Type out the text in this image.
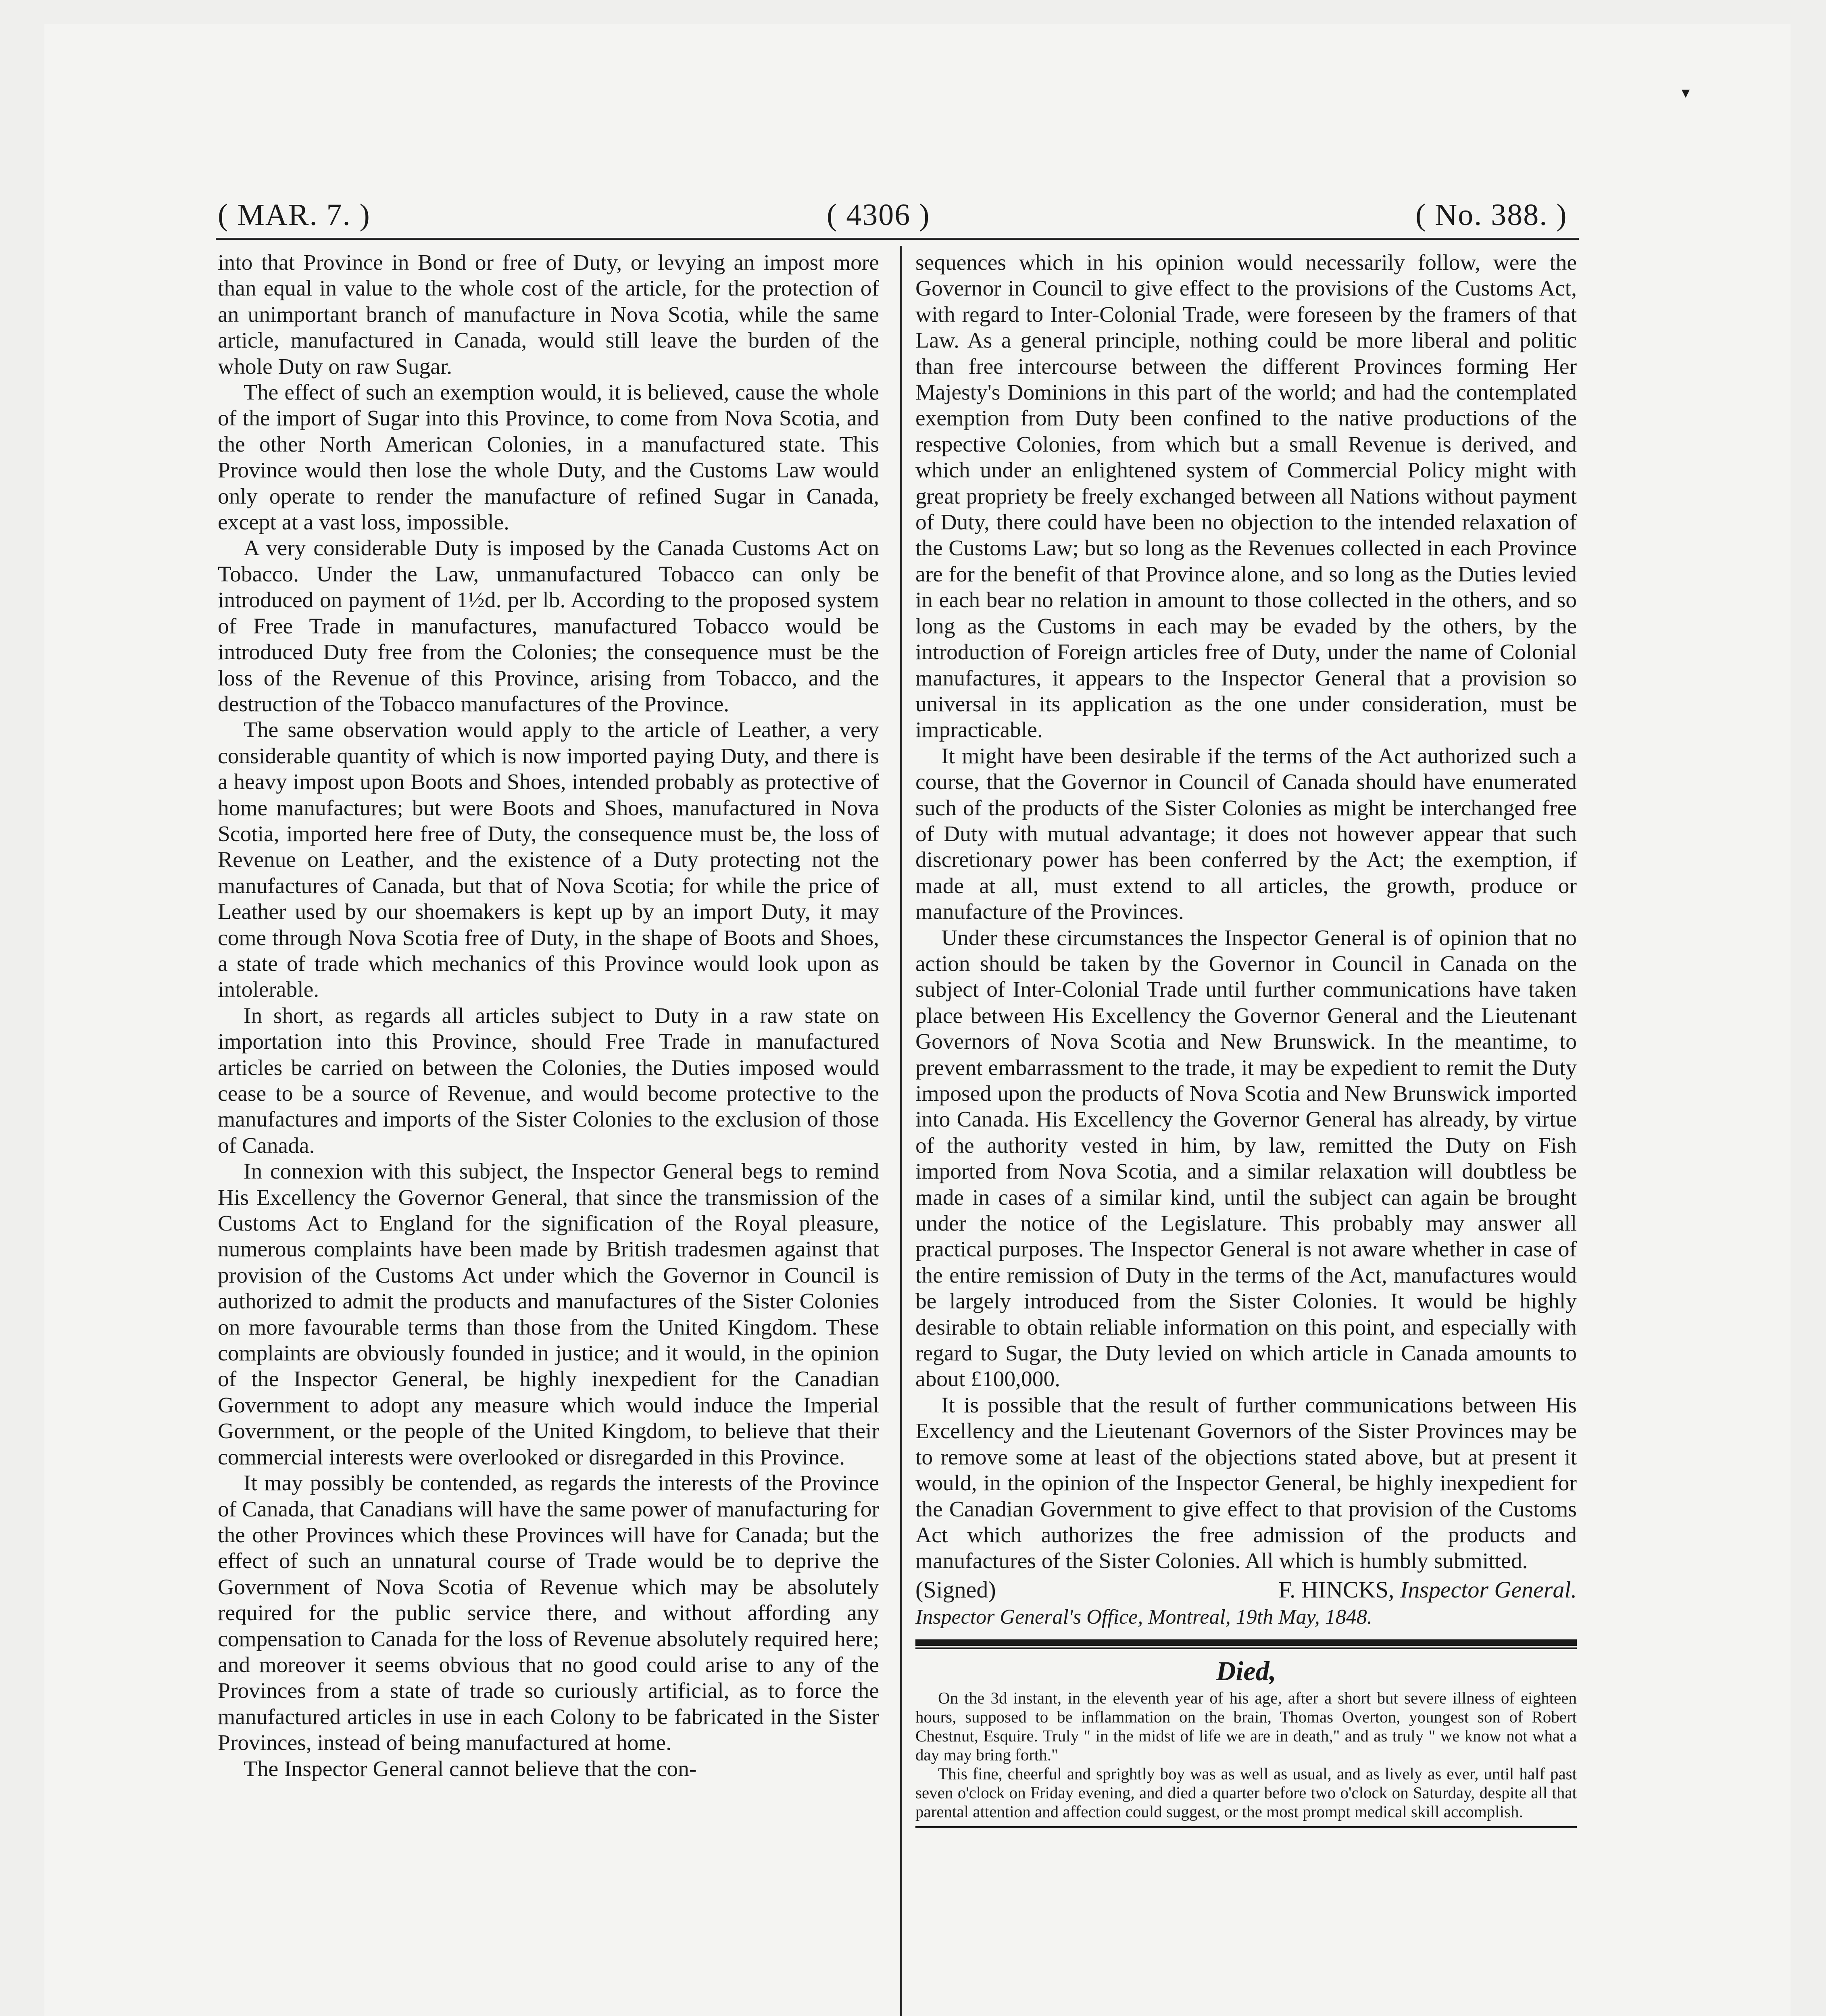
▾
( MAR. 7. )	( 4306 )	( No. 388. )

into that Province in Bond or free of Duty, or levying an impost more than equal in value to the whole cost of the article, for the protection of an unimportant branch of manufacture in Nova Scotia, while the same article, manufactured in Canada, would still leave the burden of the whole Duty on raw Sugar.

The effect of such an exemption would, it is believed, cause the whole of the import of Sugar into this Province, to come from Nova Scotia, and the other North American Colonies, in a manufactured state. This Province would then lose the whole Duty, and the Customs Law would only operate to render the manufacture of refined Sugar in Canada, except at a vast loss, impossible.

A very considerable Duty is imposed by the Canada Customs Act on Tobacco. Under the Law, unmanufactured Tobacco can only be introduced on payment of 1½d. per lb. According to the proposed system of Free Trade in manufactures, manufactured Tobacco would be introduced Duty free from the Colonies; the consequence must be the loss of the Revenue of this Province, arising from Tobacco, and the destruction of the Tobacco manufactures of the Province.

The same observation would apply to the article of Leather, a very considerable quantity of which is now imported paying Duty, and there is a heavy impost upon Boots and Shoes, intended probably as protective of home manufactures; but were Boots and Shoes, manufactured in Nova Scotia, imported here free of Duty, the consequence must be, the loss of Revenue on Leather, and the existence of a Duty protecting not the manufactures of Canada, but that of Nova Scotia; for while the price of Leather used by our shoemakers is kept up by an import Duty, it may come through Nova Scotia free of Duty, in the shape of Boots and Shoes, a state of trade which mechanics of this Province would look upon as intolerable.

In short, as regards all articles subject to Duty in a raw state on importation into this Province, should Free Trade in manufactured articles be carried on between the Colonies, the Duties imposed would cease to be a source of Revenue, and would become protective to the manufactures and imports of the Sister Colonies to the exclusion of those of Canada.

In connexion with this subject, the Inspector General begs to remind His Excellency the Governor General, that since the transmission of the Customs Act to England for the signification of the Royal pleasure, numerous complaints have been made by British tradesmen against that provision of the Customs Act under which the Governor in Council is authorized to admit the products and manufactures of the Sister Colonies on more favourable terms than those from the United Kingdom. These complaints are obviously founded in justice; and it would, in the opinion of the Inspector General, be highly inexpedient for the Canadian Government to adopt any measure which would induce the Imperial Government, or the people of the United Kingdom, to believe that their commercial interests were overlooked or disregarded in this Province.

It may possibly be contended, as regards the interests of the Province of Canada, that Canadians will have the same power of manufacturing for the other Provinces which these Provinces will have for Canada; but the effect of such an unnatural course of Trade would be to deprive the Government of Nova Scotia of Revenue which may be absolutely required for the public service there, and without affording any compensation to Canada for the loss of Revenue absolutely required here; and moreover it seems obvious that no good could arise to any of the Provinces from a state of trade so curiously artificial, as to force the manufactured articles in use in each Colony to be fabricated in the Sister Provinces, instead of being manufactured at home.

The Inspector General cannot believe that the con-

sequences which in his opinion would necessarily follow, were the Governor in Council to give effect to the provisions of the Customs Act, with regard to Inter-Colonial Trade, were foreseen by the framers of that Law. As a general principle, nothing could be more liberal and politic than free intercourse between the different Provinces forming Her Majesty's Dominions in this part of the world; and had the contemplated exemption from Duty been confined to the native productions of the respective Colonies, from which but a small Revenue is derived, and which under an enlightened system of Commercial Policy might with great propriety be freely exchanged between all Nations without payment of Duty, there could have been no objection to the intended relaxation of the Customs Law; but so long as the Revenues collected in each Province are for the benefit of that Province alone, and so long as the Duties levied in each bear no relation in amount to those collected in the others, and so long as the Customs in each may be evaded by the others, by the introduction of Foreign articles free of Duty, under the name of Colonial manufactures, it appears to the Inspector General that a provision so universal in its application as the one under consideration, must be impracticable.

It might have been desirable if the terms of the Act authorized such a course, that the Governor in Council of Canada should have enumerated such of the products of the Sister Colonies as might be interchanged free of Duty with mutual advantage; it does not however appear that such discretionary power has been conferred by the Act; the exemption, if made at all, must extend to all articles, the growth, produce or manufacture of the Provinces.

Under these circumstances the Inspector General is of opinion that no action should be taken by the Governor in Council in Canada on the subject of Inter-Colonial Trade until further communications have taken place between His Excellency the Governor General and the Lieutenant Governors of Nova Scotia and New Brunswick. In the meantime, to prevent embarrassment to the trade, it may be expedient to remit the Duty imposed upon the products of Nova Scotia and New Brunswick imported into Canada. His Excellency the Governor General has already, by virtue of the authority vested in him, by law, remitted the Duty on Fish imported from Nova Scotia, and a similar relaxation will doubtless be made in cases of a similar kind, until the subject can again be brought under the notice of the Legislature. This probably may answer all practical purposes. The Inspector General is not aware whether in case of the entire remission of Duty in the terms of the Act, manufactures would be largely introduced from the Sister Colonies. It would be highly desirable to obtain reliable information on this point, and especially with regard to Sugar, the Duty levied on which article in Canada amounts to about £100,000.

It is possible that the result of further communications between His Excellency and the Lieutenant Governors of the Sister Provinces may be to remove some at least of the objections stated above, but at present it would, in the opinion of the Inspector General, be highly inexpedient for the Canadian Government to give effect to that provision of the Customs Act which authorizes the free admission of the products and manufactures of the Sister Colonies. All which is humbly submitted.

(Signed)	F. HINCKS, Inspector General.
Inspector General's Office, Montreal, 19th May, 1848.
Died,

On the 3d instant, in the eleventh year of his age, after a short but severe illness of eighteen hours, supposed to be inflammation on the brain, Thomas Overton, youngest son of Robert Chestnut, Esquire. Truly " in the midst of life we are in death," and as truly " we know not what a day may bring forth."

This fine, cheerful and sprightly boy was as well as usual, and as lively as ever, until half past seven o'clock on Friday evening, and died a quarter before two o'clock on Saturday, despite all that parental attention and affection could suggest, or the most prompt medical skill accomplish.
